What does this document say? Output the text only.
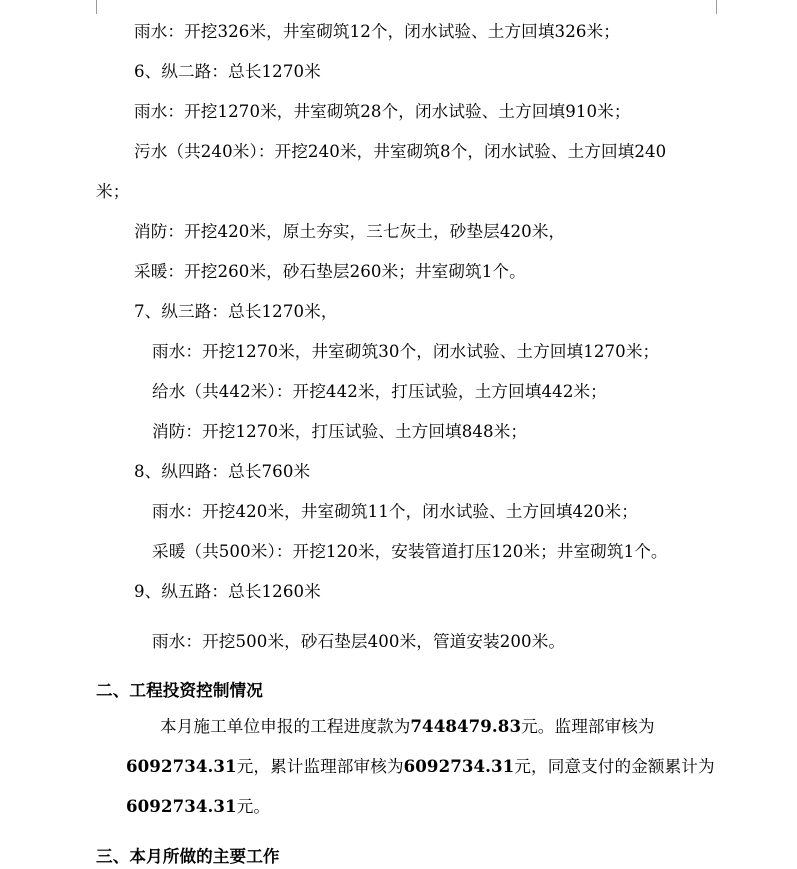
雨水：开挖326米，井室砌筑12个，闭水试验、土方回填326米；
6、纵二路：总长1270米
雨水：开挖1270米，井室砌筑28个，闭水试验、土方回填910米；
污水（共240米）：开挖240米，井室砌筑8个，闭水试验、土方回填240
米；
消防：开挖420米，原土夯实，三七灰土，砂垫层420米，
采暖：开挖260米，砂石垫层260米；井室砌筑1个。
7、纵三路：总长1270米，
雨水：开挖1270米，井室砌筑30个，闭水试验、土方回填1270米；
给水（共442米）：开挖442米，打压试验，土方回填442米；
消防：开挖1270米，打压试验、土方回填848米；
8、纵四路：总长760米
雨水：开挖420米，井室砌筑11个，闭水试验、土方回填420米；
采暖（共500米）：开挖120米，安装管道打压120米；井室砌筑1个。
9、纵五路：总长1260米
雨水：开挖500米，砂石垫层400米，管道安装200米。
二、工程投资控制情况
本月施工单位申报的工程进度款为7448479.83元。监理部审核为
6092734.31元，累计监理部审核为6092734.31元，同意支付的金额累计为
6092734.31元。
三、本月所做的主要工作
